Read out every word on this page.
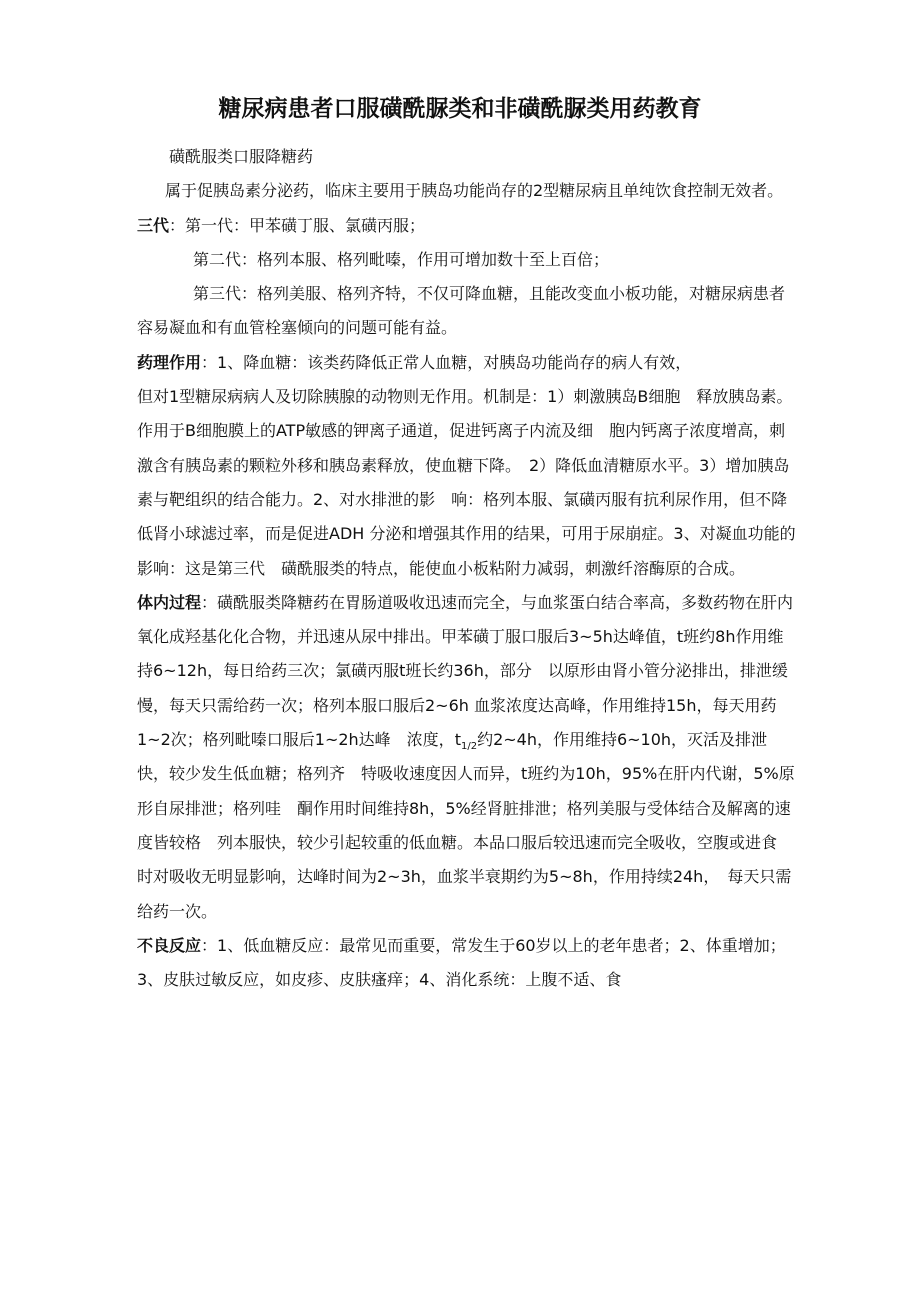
糖尿病患者口服磺酰脲类和非磺酰脲类用药教育

磺酰服类口服降糖药

属于促胰岛素分泌药，临床主要用于胰岛功能尚存的2型糖尿病且单纯饮食控制无效者。

三代：第一代：甲苯磺丁服、氯磺丙服；

第二代：格列本服、格列毗嗪，作用可增加数十至上百倍；

第三代：格列美服、格列齐特，不仅可降血糖，且能改变血小板功能，对糖尿病患者容易凝血和有血管栓塞倾向的问题可能有益。

药理作用：1、降血糖：该类药降低正常人血糖，对胰岛功能尚存的病人有效，

但对1型糖尿病病人及切除胰腺的动物则无作用。机制是：1）刺激胰岛B细胞　释放胰岛素。作用于B细胞膜上的ATP敏感的钾离子通道，促进钙离子内流及细　胞内钙离子浓度增高，刺激含有胰岛素的颗粒外移和胰岛素释放，使血糖下降。　2）降低血清糖原水平。3）增加胰岛素与靶组织的结合能力。2、对水排泄的影　响：格列本服、氯磺丙服有抗利尿作用，但不降低肾小球滤过率，而是促进ADH 分泌和增强其作用的结果，可用于尿崩症。3、对凝血功能的影响：这是第三代　磺酰服类的特点，能使血小板粘附力减弱，刺激纤溶酶原的合成。

体内过程：磺酰服类降糖药在胃肠道吸收迅速而完全，与血浆蛋白结合率高，多数药物在肝内氧化成羟基化化合物，并迅速从尿中排出。甲苯磺丁服口服后3~5h达峰值，t班约8h作用维持6~12h，每日给药三次；氯磺丙服t班长约36h，部分　以原形由肾小管分泌排出，排泄缓慢，每天只需给药一次；格列本服口服后2~6h 血浆浓度达高峰，作用维持15h，每天用药1~2次；格列毗嗪口服后1~2h达峰　浓度，$t_{1/2}$约2~4h，作用维持6~10h，灭活及排泄快，较少发生低血糖；格列齐　特吸收速度因人而异，t班约为10h，95%在肝内代谢，5%原形自尿排泄；格列哇　酮作用时间维持8h，5%经肾脏排泄；格列美服与受体结合及解离的速度皆较格　列本服快，较少引起较重的低血糖。本品口服后较迅速而完全吸收，空腹或进食　时对吸收无明显影响，达峰时间为2~3h，血浆半衰期约为5~8h，作用持续24h，　每天只需给药一次。

不良反应：1、低血糖反应：最常见而重要，常发生于60岁以上的老年患者；2、体重增加；3、皮肤过敏反应，如皮疹、皮肤瘙痒；4、消化系统：上腹不适、食
